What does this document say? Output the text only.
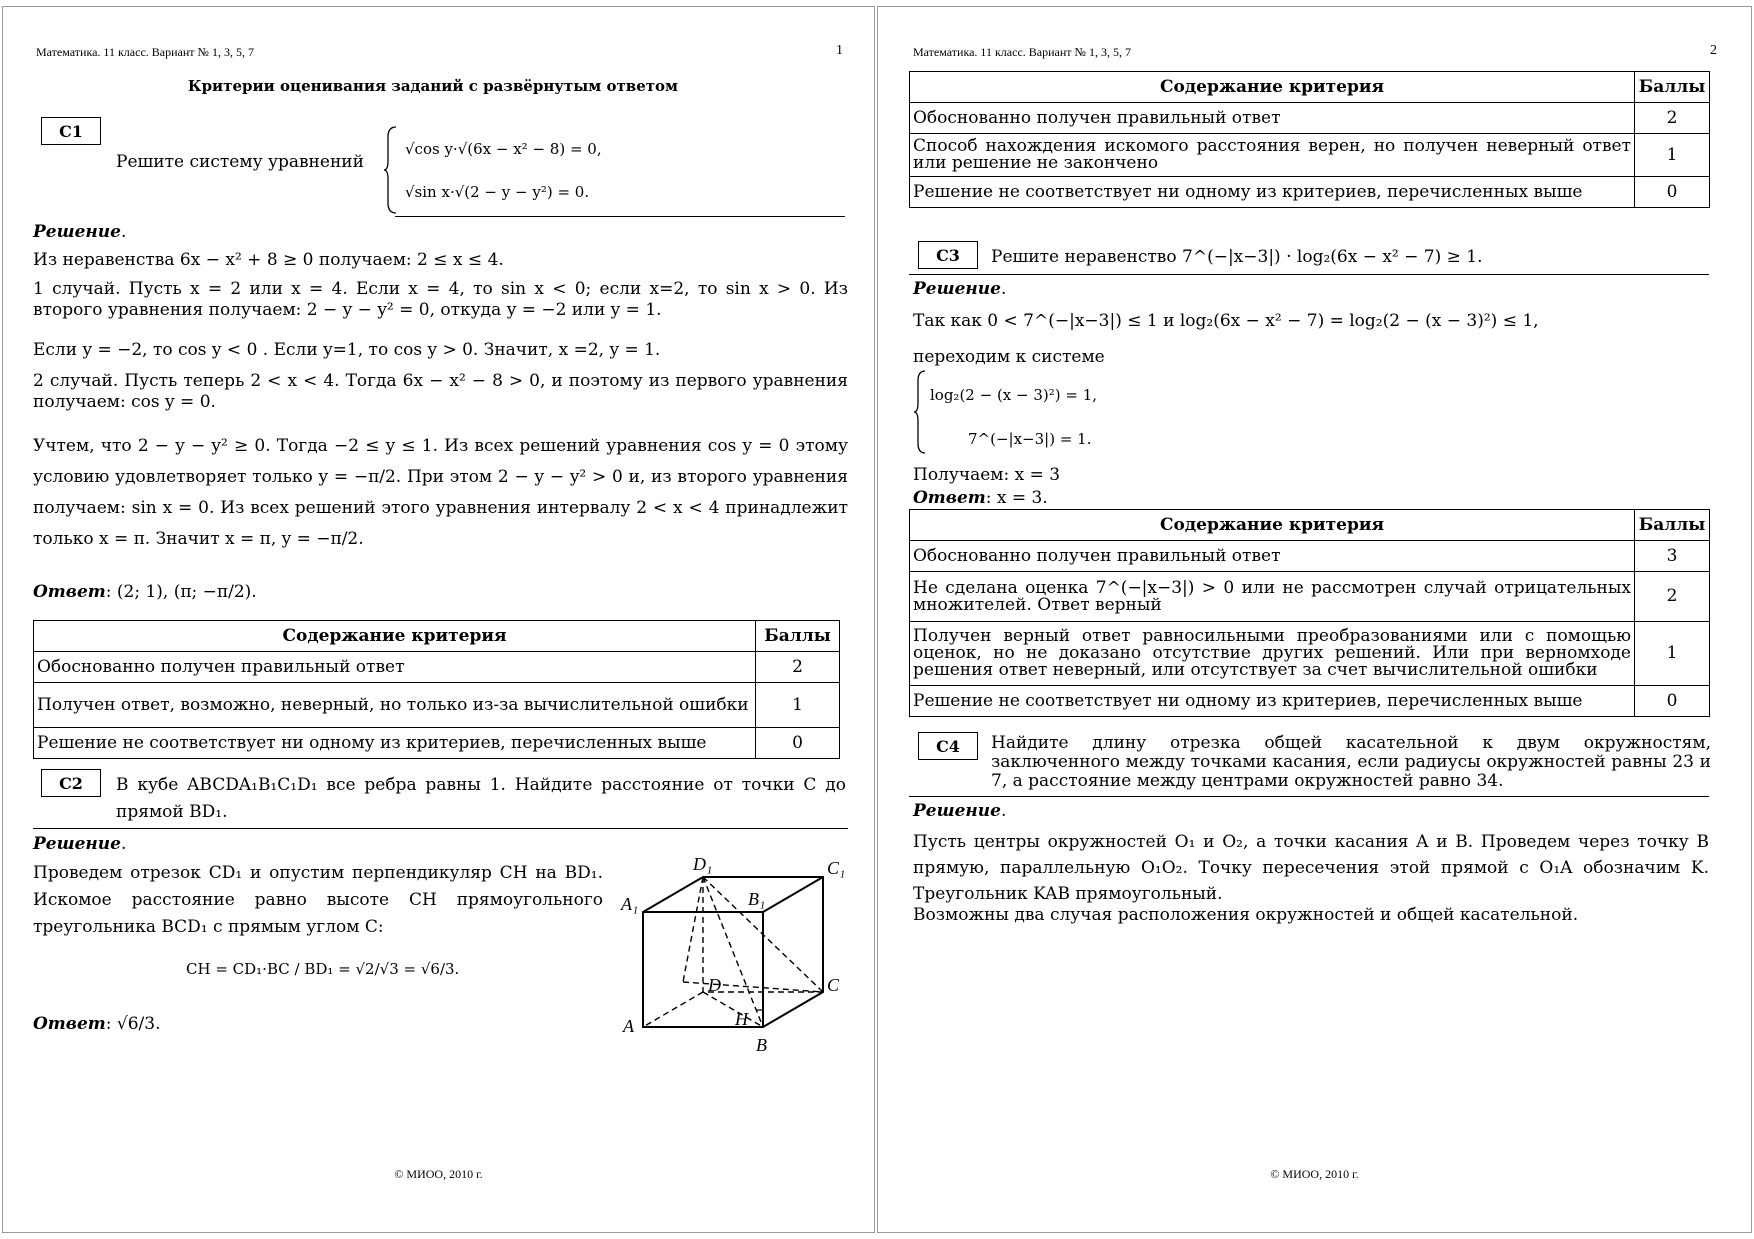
Математика. 11 класс. Вариант № 1, 3, 5, 7	1
Критерии оценивания заданий с развёрнутым ответом
С1
Решите систему уравнений
√cos y·√(6x − x² − 8) = 0,
√sin x·√(2 − y − y²) = 0.
Решение.
Из неравенства 6x − x² + 8 ≥ 0 получаем: 2 ≤ x ≤ 4.
1 случай. Пусть x = 2 или x = 4. Если x = 4, то sin x < 0; если x=2, то sin x > 0. Из второго уравнения получаем: 2 − y − y² = 0, откуда y = −2 или y = 1.
Если y = −2, то cos y < 0 . Если y=1, то cos y > 0. Значит, x =2, y = 1.
2 случай. Пусть теперь 2 < x < 4. Тогда 6x − x² − 8 > 0, и поэтому из первого уравнения получаем: cos y = 0.
Учтем, что 2 − y − y² ≥ 0. Тогда −2 ≤ y ≤ 1. Из всех решений уравнения cos y = 0 этому условию удовлетворяет только y = −π/2. При этом 2 − y − y² > 0 и, из второго уравнения получаем: sin x = 0. Из всех решений этого уравнения интервалу 2 < x < 4 принадлежит только x = π. Значит x = π, y = −π/2.
Ответ: (2; 1), (π; −π/2).
Содержание критерия	Баллы
Обоснованно получен правильный ответ	2
Получен ответ, возможно, неверный, но только из-за вычислительной ошибки	1
Решение не соответствует ни одному из критериев, перечисленных выше	0
С2	В кубе ABCDA₁B₁C₁D₁ все ребра равны 1. Найдите расстояние от точки C до прямой BD₁.
Решение.
Проведем отрезок CD₁ и опустим перпендикуляр CH на BD₁. Искомое расстояние равно высоте CH прямоугольного треугольника BCD₁ с прямым углом C:
CH = CD₁·BC / BD₁ = √2/√3 = √6/3.
Ответ: √6/3.
D₁	C₁
A₁	B₁
D	C
H
A
B
© МИОО, 2010 г.
Математика. 11 класс. Вариант № 1, 3, 5, 7	2
Содержание критерия	Баллы
Обоснованно получен правильный ответ	2
Способ нахождения искомого расстояния верен, но получен неверный ответ или решение не закончено	1
Решение не соответствует ни одному из критериев, перечисленных выше	0
С3	Решите неравенство 7^(−|x−3|) · log₂(6x − x² − 7) ≥ 1.
Решение.
Так как 0 < 7^(−|x−3|) ≤ 1 и log₂(6x − x² − 7) = log₂(2 − (x − 3)²) ≤ 1,
переходим к системе
log₂(2 − (x − 3)²) = 1,
7^(−|x−3|) = 1.
Получаем: x = 3
Ответ: x = 3.
Содержание критерия	Баллы
Обоснованно получен правильный ответ	3
Не сделана оценка 7^(−|x−3|) > 0 или не рассмотрен случай отрицательных множителей. Ответ верный	2
Получен верный ответ равносильными преобразованиями или с помощью оценок, но не доказано отсутствие других решений. Или при верномходе решения ответ неверный, или отсутствует за счет вычислительной ошибки	1
Решение не соответствует ни одному из критериев, перечисленных выше	0
С4	Найдите длину отрезка общей касательной к двум окружностям, заключенного между точками касания, если радиусы окружностей равны 23 и 7, а расстояние между центрами окружностей равно 34.
Решение.
Пусть центры окружностей O₁ и O₂, а точки касания A и B. Проведем через точку B прямую, параллельную O₁O₂. Точку пересечения этой прямой с O₁A обозначим K. Треугольник KAB прямоугольный.
Возможны два случая расположения окружностей и общей касательной.
© МИОО, 2010 г.
